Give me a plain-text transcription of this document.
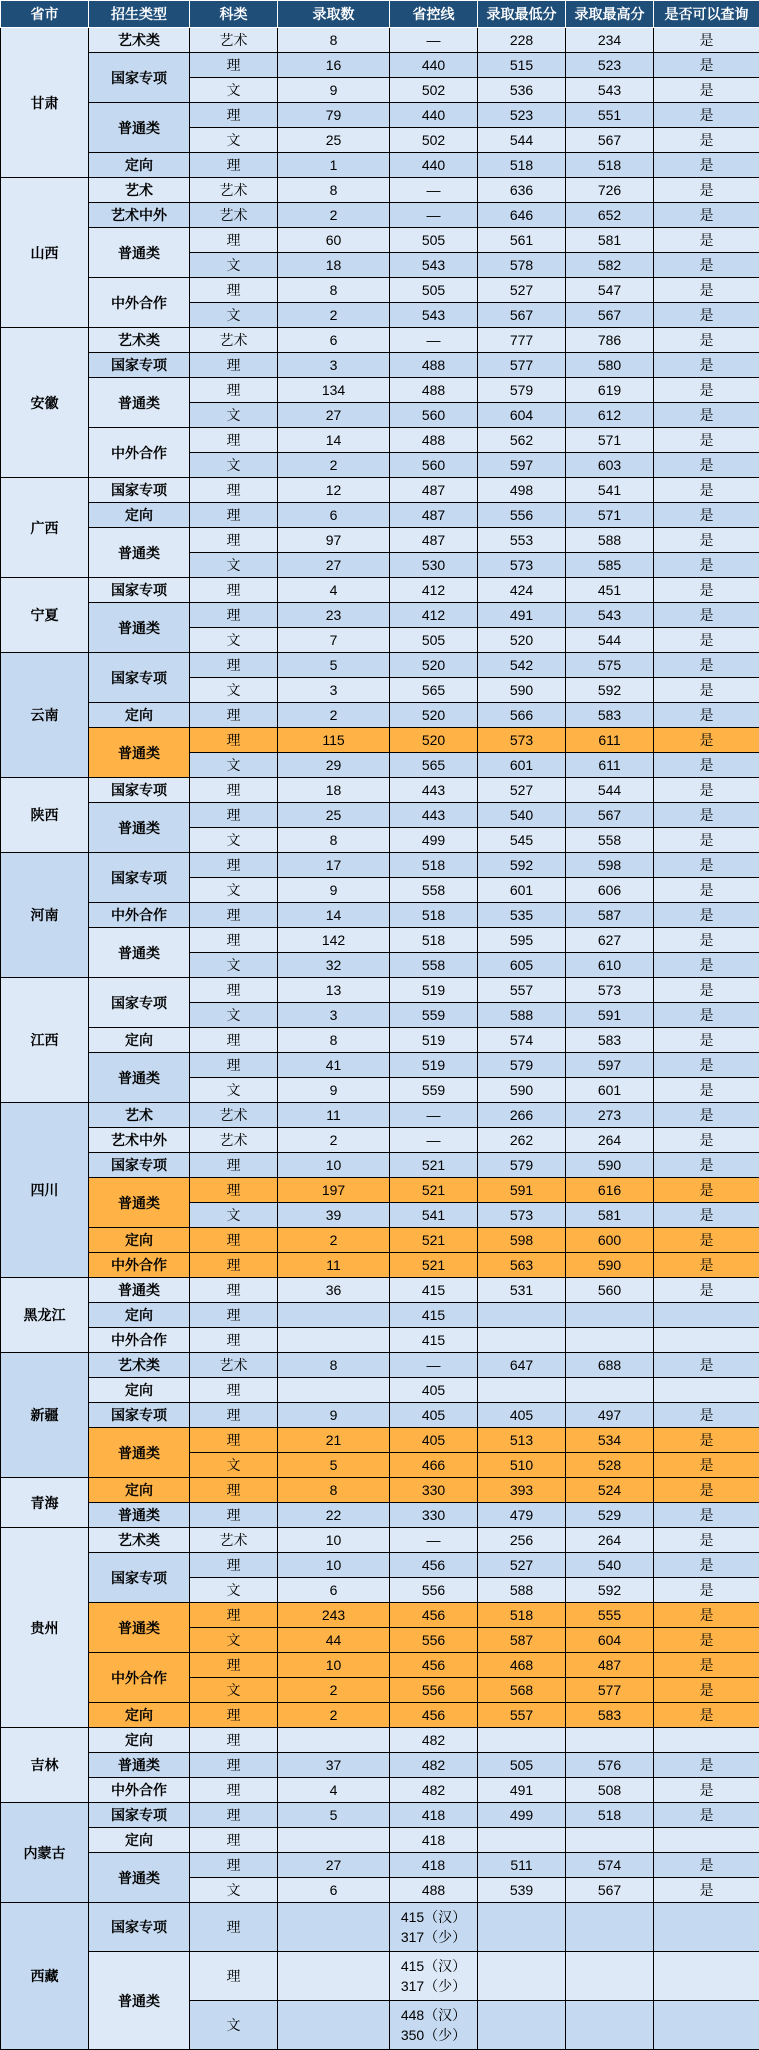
省市	招生类型	科类	录取数	省控线	录取最低分	录取最高分	是否可以查询
甘肃	艺术类	艺术	8	—	228	234	是
	国家专项	理	16	440	515	523	是
		文	9	502	536	543	是
	普通类	理	79	440	523	551	是
		文	25	502	544	567	是
	定向	理	1	440	518	518	是
山西	艺术	艺术	8	—	636	726	是
	艺术中外	艺术	2	—	646	652	是
	普通类	理	60	505	561	581	是
		文	18	543	578	582	是
	中外合作	理	8	505	527	547	是
		文	2	543	567	567	是
安徽	艺术类	艺术	6	—	777	786	是
	国家专项	理	3	488	577	580	是
	普通类	理	134	488	579	619	是
		文	27	560	604	612	是
	中外合作	理	14	488	562	571	是
		文	2	560	597	603	是
广西	国家专项	理	12	487	498	541	是
	定向	理	6	487	556	571	是
	普通类	理	97	487	553	588	是
		文	27	530	573	585	是
宁夏	国家专项	理	4	412	424	451	是
	普通类	理	23	412	491	543	是
		文	7	505	520	544	是
云南	国家专项	理	5	520	542	575	是
		文	3	565	590	592	是
	定向	理	2	520	566	583	是
	普通类	理	115	520	573	611	是
		文	29	565	601	611	是
陕西	国家专项	理	18	443	527	544	是
	普通类	理	25	443	540	567	是
		文	8	499	545	558	是
河南	国家专项	理	17	518	592	598	是
		文	9	558	601	606	是
	中外合作	理	14	518	535	587	是
	普通类	理	142	518	595	627	是
		文	32	558	605	610	是
江西	国家专项	理	13	519	557	573	是
		文	3	559	588	591	是
	定向	理	8	519	574	583	是
	普通类	理	41	519	579	597	是
		文	9	559	590	601	是
四川	艺术	艺术	11	—	266	273	是
	艺术中外	艺术	2	—	262	264	是
	国家专项	理	10	521	579	590	是
	普通类	理	197	521	591	616	是
		文	39	541	573	581	是
	定向	理	2	521	598	600	是
	中外合作	理	11	521	563	590	是
黑龙江	普通类	理	36	415	531	560	是
	定向	理		415			
	中外合作	理		415			
新疆	艺术类	艺术	8	—	647	688	是
	定向	理		405			
	国家专项	理	9	405	405	497	是
	普通类	理	21	405	513	534	是
		文	5	466	510	528	是
青海	定向	理	8	330	393	524	是
	普通类	理	22	330	479	529	是
贵州	艺术类	艺术	10	—	256	264	是
	国家专项	理	10	456	527	540	是
		文	6	556	588	592	是
	普通类	理	243	456	518	555	是
		文	44	556	587	604	是
	中外合作	理	10	456	468	487	是
		文	2	556	568	577	是
	定向	理	2	456	557	583	是
吉林	定向	理		482			
	普通类	理	37	482	505	576	是
	中外合作	理	4	482	491	508	是
内蒙古	国家专项	理	5	418	499	518	是
	定向	理		418			
	普通类	理	27	418	511	574	是
		文	6	488	539	567	是
西藏	国家专项	理		415（汉）
317（少）			

	普通类	理		415（汉）
317（少）			

		文		448（汉）
350（少）			
